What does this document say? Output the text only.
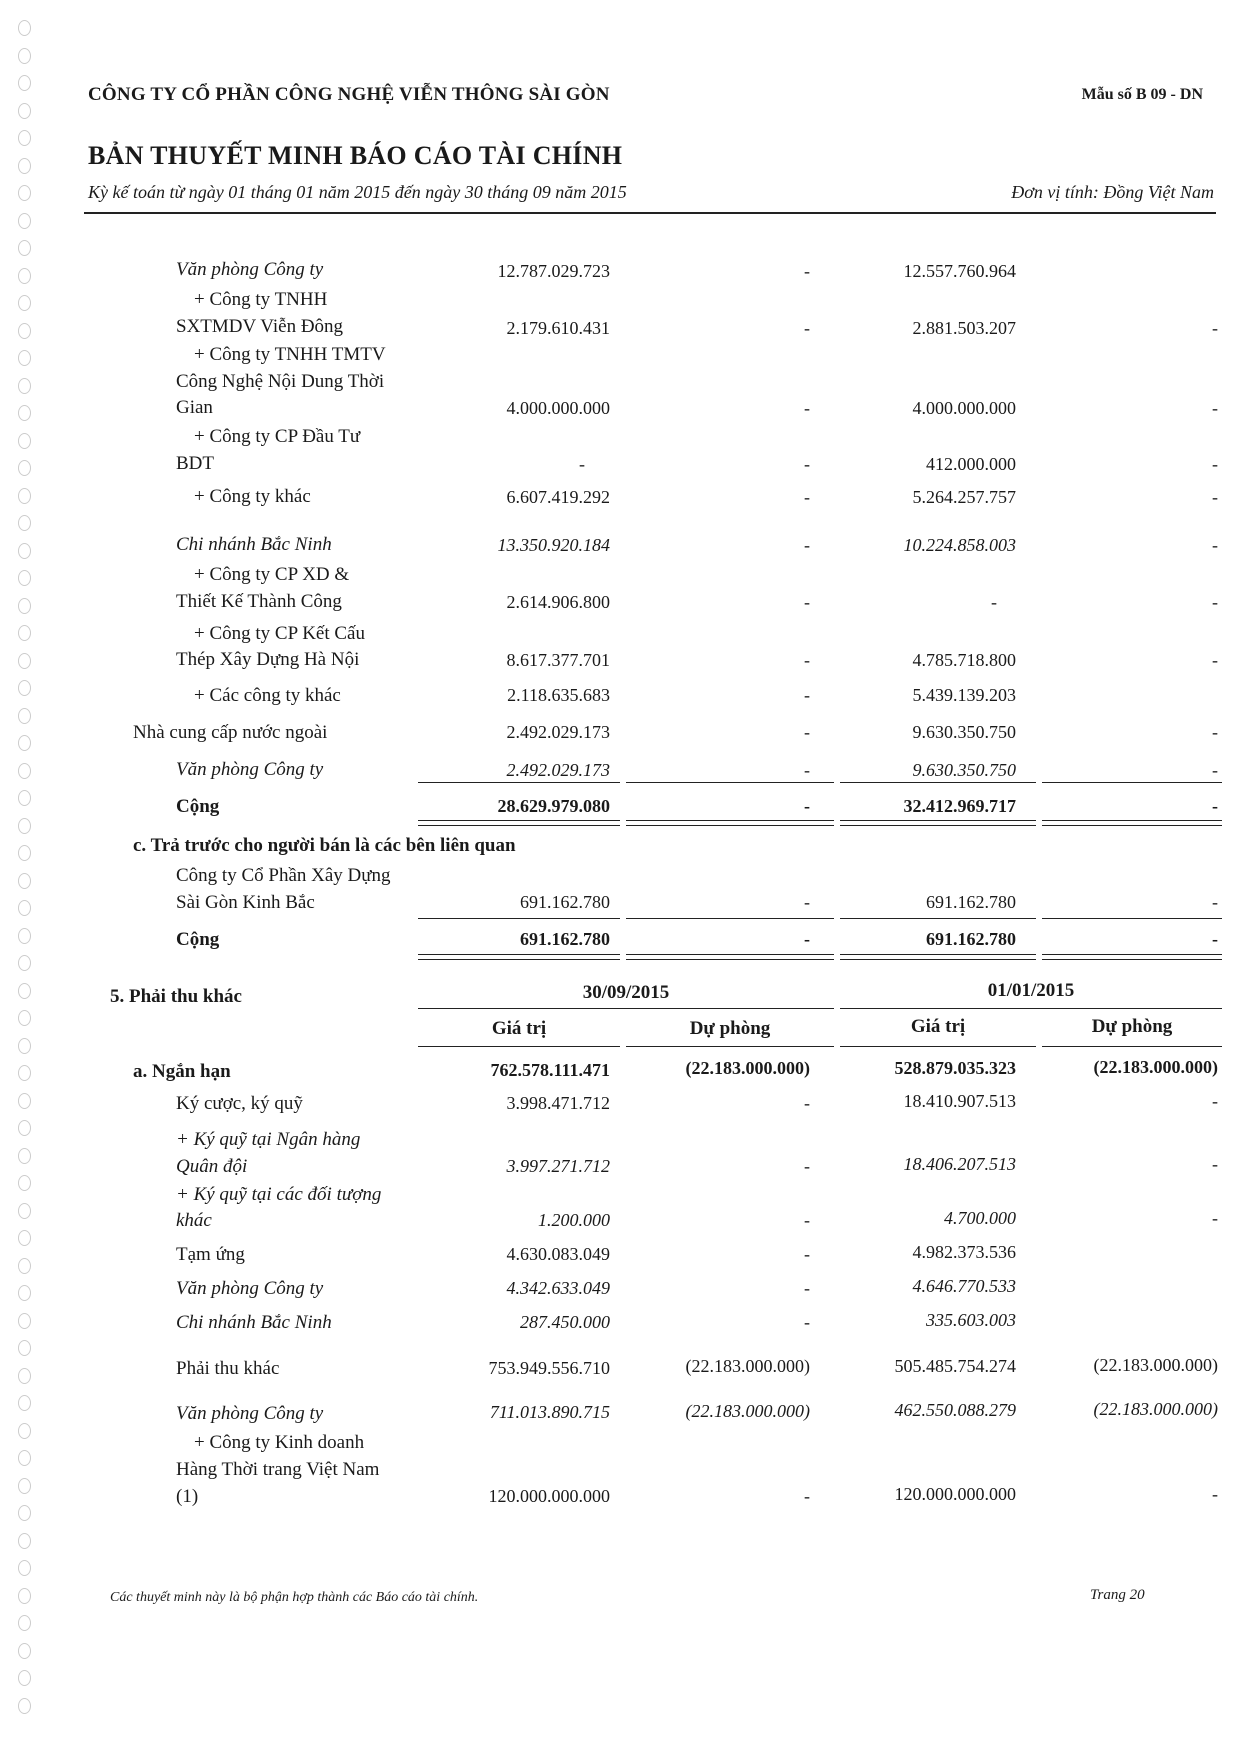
CÔNG TY CỔ PHẦN CÔNG NGHỆ VIỄN THÔNG SÀI GÒN	Mẫu số B 09 - DN
BẢN THUYẾT MINH BÁO CÁO TÀI CHÍNH
Kỳ kế toán từ ngày 01 tháng 01 năm 2015 đến ngày 30 tháng 09 năm 2015	Đơn vị tính: Đồng Việt Nam
Văn phòng Công ty	12.787.029.723	-	12.557.760.964
+ Công ty TNHH
SXTMDV Viễn Đông	2.179.610.431	-	2.881.503.207	-
+ Công ty TNHH TMTV
Công Nghệ Nội Dung Thời
Gian	4.000.000.000	-	4.000.000.000	-
+ Công ty CP Đầu Tư
BDT	-	-	412.000.000	-
+ Công ty khác	6.607.419.292	-	5.264.257.757	-
Chi nhánh Bắc Ninh	13.350.920.184	-	10.224.858.003	-
+ Công ty CP XD &
Thiết Kế Thành Công	2.614.906.800	-	-	-
+ Công ty CP Kết Cấu
Thép Xây Dựng Hà Nội	8.617.377.701	-	4.785.718.800	-
+ Các công ty khác	2.118.635.683	-	5.439.139.203
Nhà cung cấp nước ngoài	2.492.029.173	-	9.630.350.750	-
Văn phòng Công ty	2.492.029.173	-	9.630.350.750	-
Cộng	28.629.979.080	-	32.412.969.717	-
c. Trả trước cho người bán là các bên liên quan
Công ty Cổ Phần Xây Dựng
Sài Gòn Kinh Bắc	691.162.780	-	691.162.780	-
Cộng	691.162.780	-	691.162.780	-
5. Phải thu khác	30/09/2015	01/01/2015
Giá trị	Dự phòng	Giá trị	Dự phòng
a. Ngắn hạn	762.578.111.471	(22.183.000.000)	528.879.035.323	(22.183.000.000)
Ký cược, ký quỹ	3.998.471.712	-	18.410.907.513	-
+ Ký quỹ tại Ngân hàng
Quân đội	3.997.271.712	-	18.406.207.513	-
+ Ký quỹ tại các đối tượng
khác	1.200.000	-	4.700.000	-
Tạm ứng	4.630.083.049	-	4.982.373.536
Văn phòng Công ty	4.342.633.049	-	4.646.770.533
Chi nhánh Bắc Ninh	287.450.000	-	335.603.003
Phải thu khác	753.949.556.710	(22.183.000.000)	505.485.754.274	(22.183.000.000)
Văn phòng Công ty	711.013.890.715	(22.183.000.000)	462.550.088.279	(22.183.000.000)
+ Công ty Kinh doanh
Hàng Thời trang Việt Nam
(1)	120.000.000.000	-	120.000.000.000	-
Các thuyết minh này là bộ phận hợp thành các Báo cáo tài chính.	Trang 20
